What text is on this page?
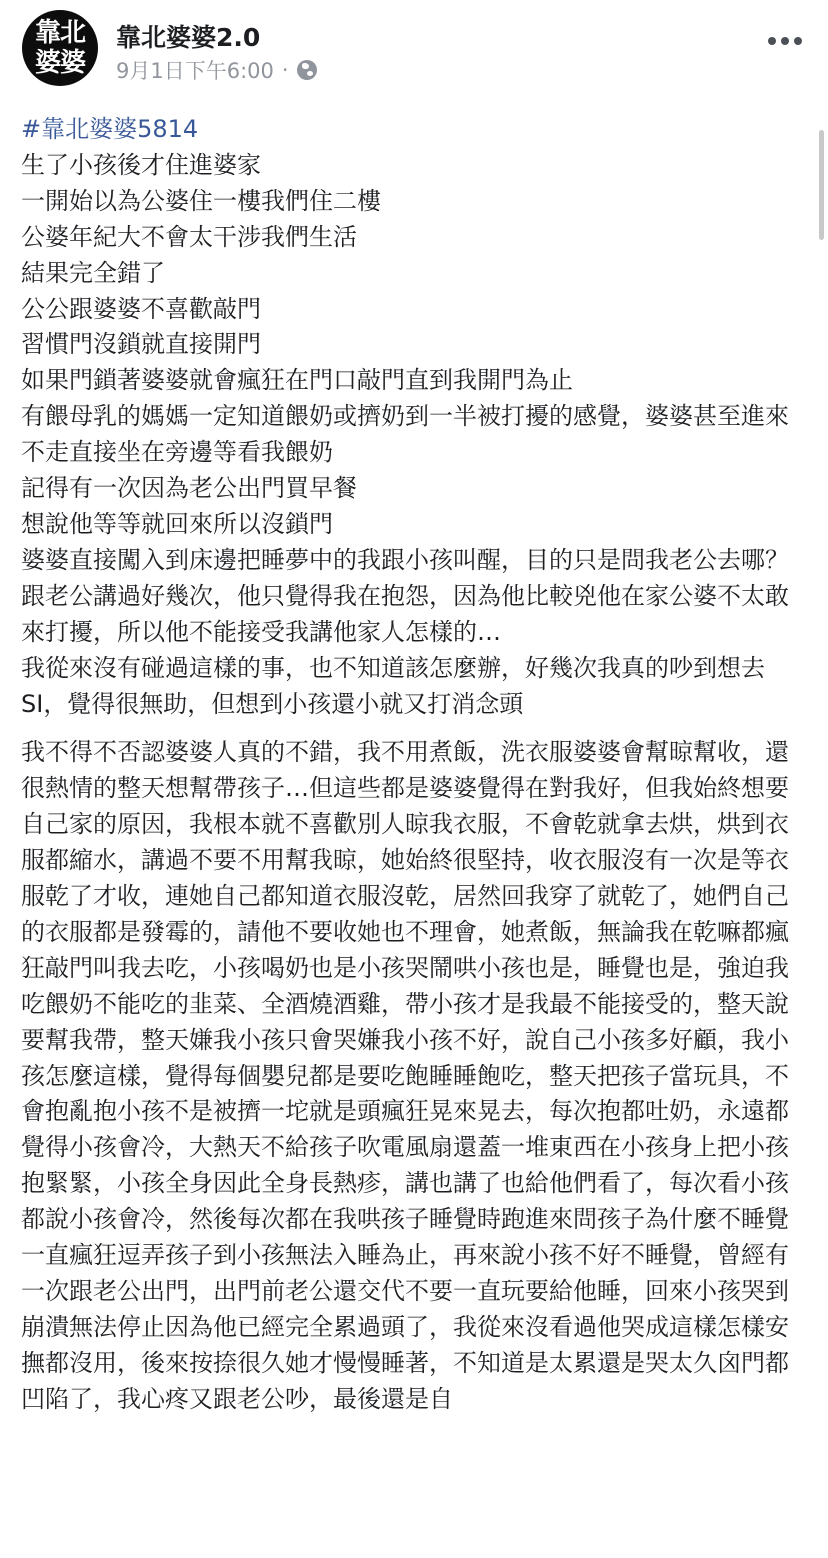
靠北
婆婆
靠北婆婆2.0
9月1日下午6:00 ·

#靠北婆婆5814

生了小孩後才住進婆家

一開始以為公婆住一樓我們住二樓

公婆年紀大不會太干涉我們生活

結果完全錯了

公公跟婆婆不喜歡敲門

習慣門沒鎖就直接開門

如果門鎖著婆婆就會瘋狂在門口敲門直到我開門為止

有餵母乳的媽媽一定知道餵奶或擠奶到一半被打擾的感覺，婆婆甚至進來不走直接坐在旁邊等看我餵奶

記得有一次因為老公出門買早餐

想說他等等就回來所以沒鎖門

婆婆直接闖入到床邊把睡夢中的我跟小孩叫醒，目的只是問我老公去哪？

跟老公講過好幾次，他只覺得我在抱怨，因為他比較兇他在家公婆不太敢來打擾，所以他不能接受我講他家人怎樣的…

我從來沒有碰過這樣的事，也不知道該怎麼辦，好幾次我真的吵到想去SI，覺得很無助，但想到小孩還小就又打消念頭

我不得不否認婆婆人真的不錯，我不用煮飯，洗衣服婆婆會幫晾幫收，還很熱情的整天想幫帶孩子…但這些都是婆婆覺得在對我好，但我始終想要自己家的原因，我根本就不喜歡別人晾我衣服，不會乾就拿去烘，烘到衣服都縮水，講過不要不用幫我晾，她始終很堅持，收衣服沒有一次是等衣服乾了才收，連她自己都知道衣服沒乾，居然回我穿了就乾了，她們自己的衣服都是發霉的，請他不要收她也不理會，她煮飯，無論我在乾嘛都瘋狂敲門叫我去吃，小孩喝奶也是小孩哭鬧哄小孩也是，睡覺也是，強迫我吃餵奶不能吃的韭菜、全酒燒酒雞，帶小孩才是我最不能接受的，整天說要幫我帶，整天嫌我小孩只會哭嫌我小孩不好，說自己小孩多好顧，我小孩怎麼這樣，覺得每個嬰兒都是要吃飽睡睡飽吃，整天把孩子當玩具，不會抱亂抱小孩不是被擠一坨就是頭瘋狂晃來晃去，每次抱都吐奶，永遠都覺得小孩會冷，大熱天不給孩子吹電風扇還蓋一堆東西在小孩身上把小孩抱緊緊，小孩全身因此全身長熱疹，講也講了也給他們看了，每次看小孩都說小孩會冷，然後每次都在我哄孩子睡覺時跑進來問孩子為什麼不睡覺一直瘋狂逗弄孩子到小孩無法入睡為止，再來說小孩不好不睡覺，曾經有一次跟老公出門，出門前老公還交代不要一直玩要給他睡，回來小孩哭到崩潰無法停止因為他已經完全累過頭了，我從來沒看過他哭成這樣怎樣安撫都沒用，後來按捺很久她才慢慢睡著，不知道是太累還是哭太久囟門都凹陷了，我心疼又跟老公吵，最後還是自
